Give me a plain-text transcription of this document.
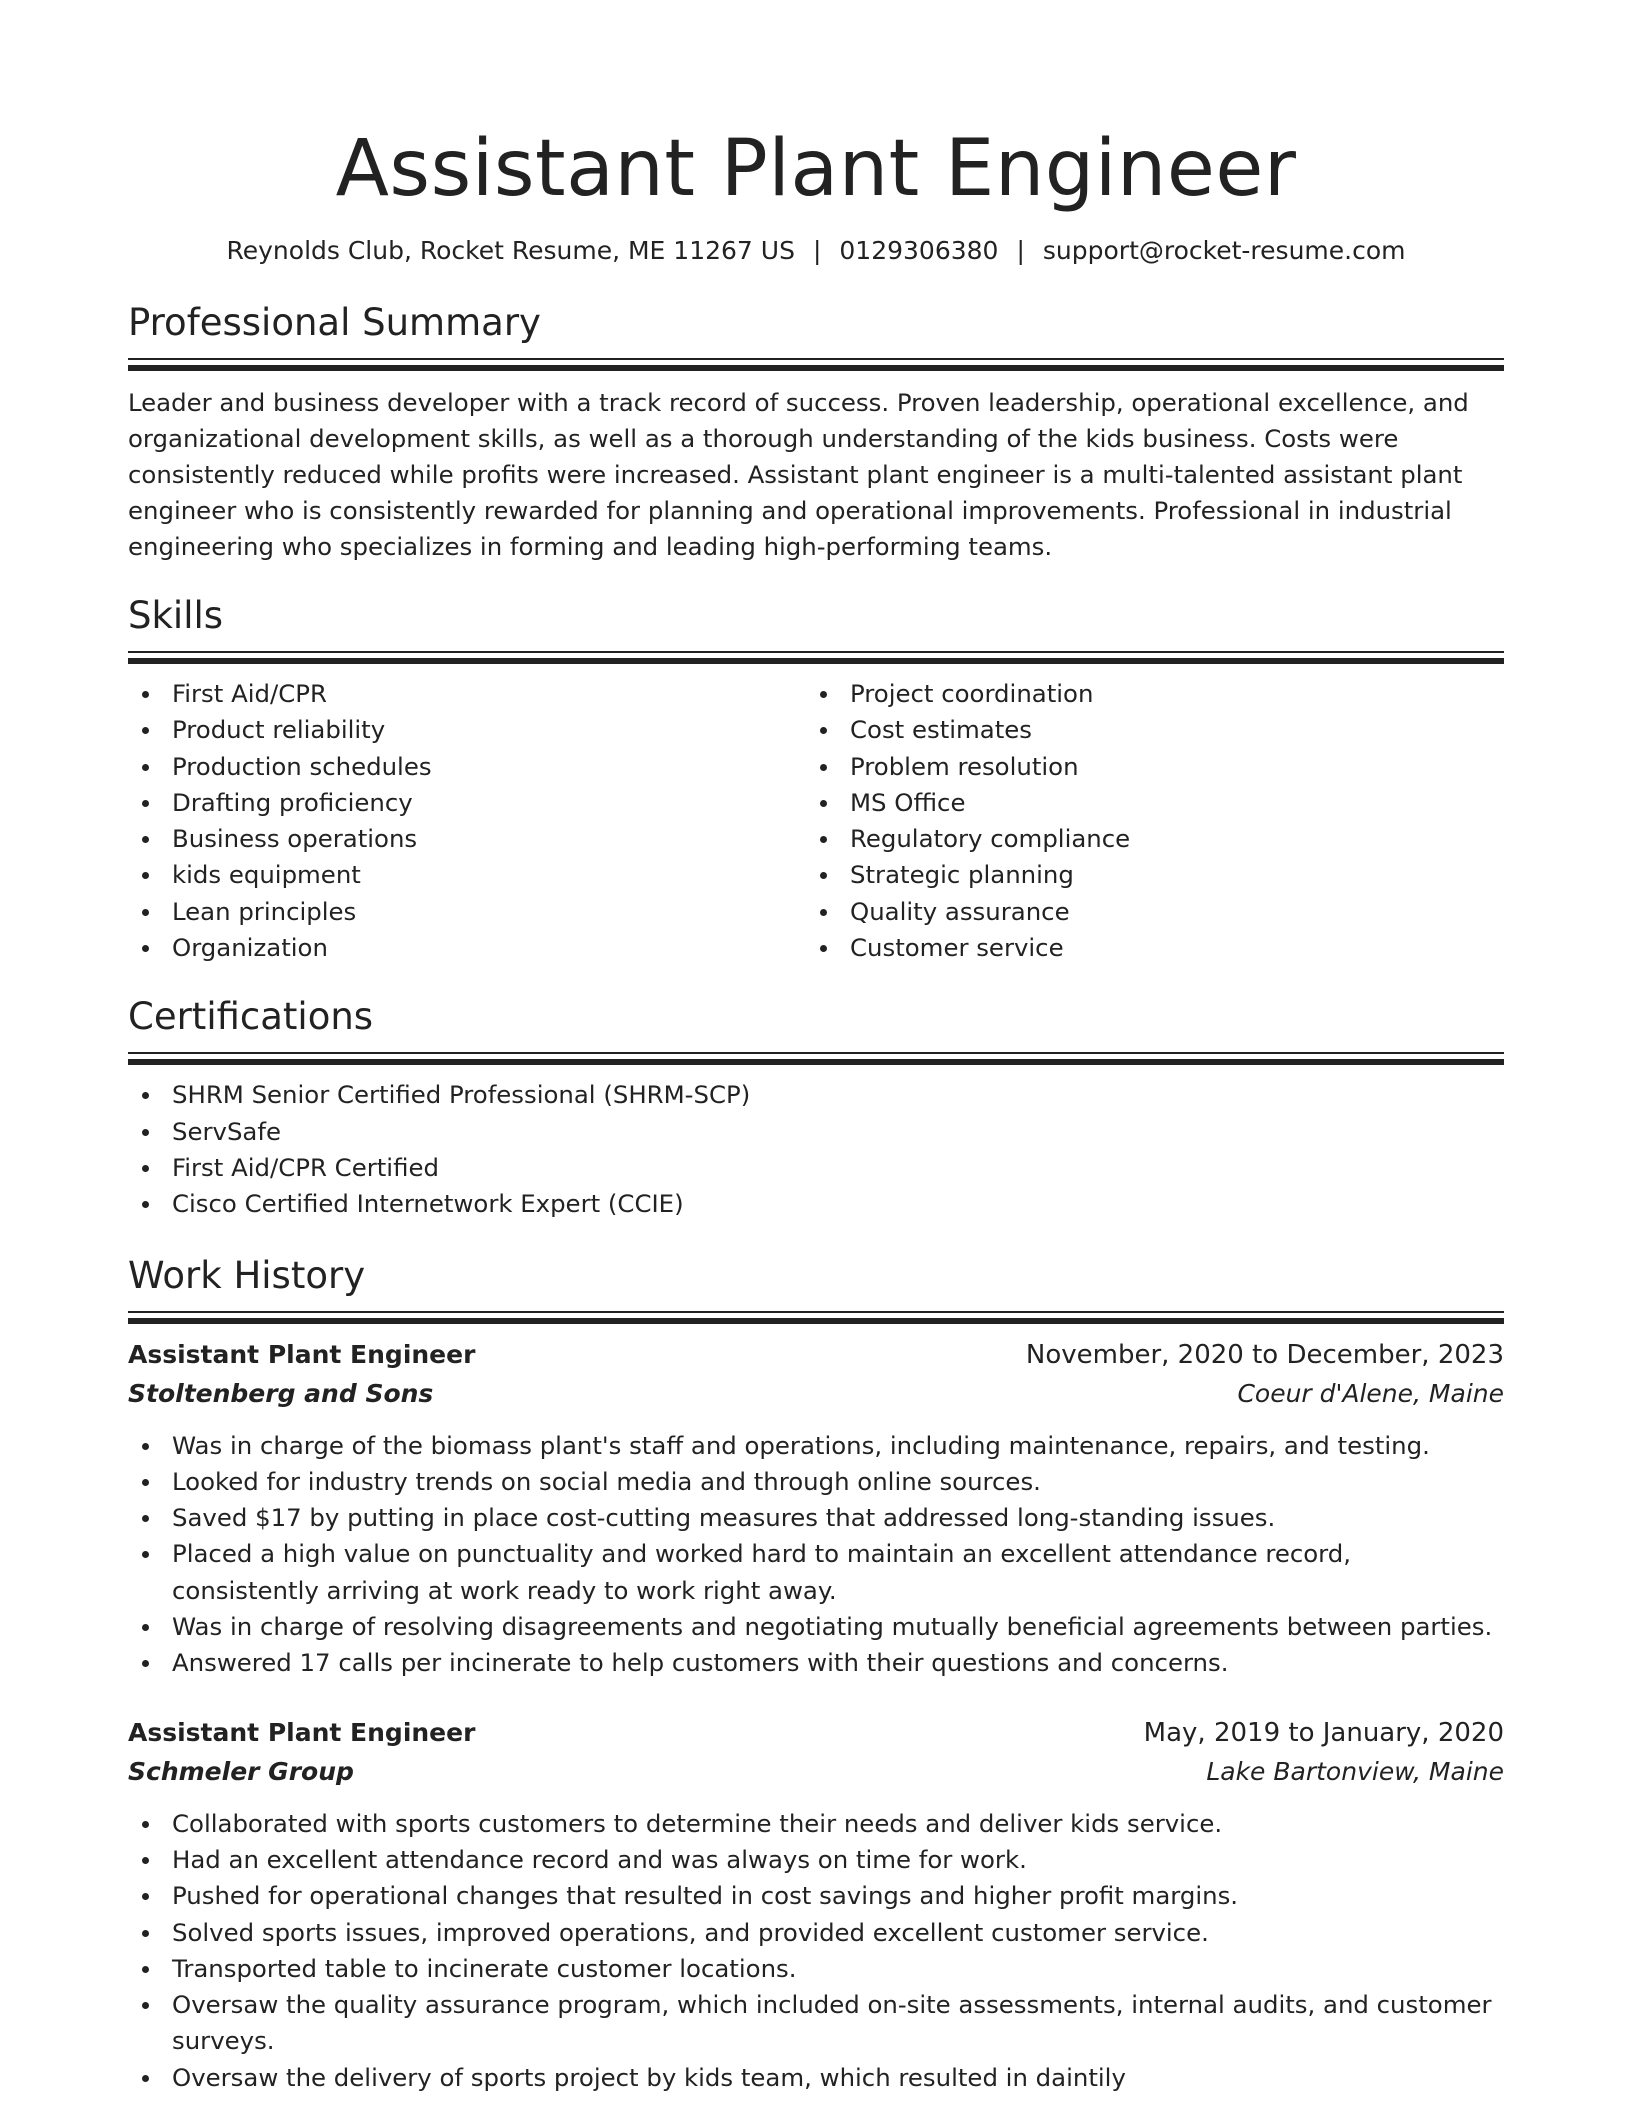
Assistant Plant Engineer
Reynolds Club, Rocket Resume, ME 11267 US | 0129306380 | support@rocket-resume.com
Professional Summary

Leader and business developer with a track record of success. Proven leadership, operational excellence, and organizational development skills, as well as a thorough understanding of the kids business. Costs were consistently reduced while profits were increased. Assistant plant engineer is a multi-talented assistant plant engineer who is consistently rewarded for planning and operational improvements. Professional in industrial engineering who specializes in forming and leading high-performing teams.

Skills
First Aid/CPR
Product reliability
Production schedules
Drafting proficiency
Business operations
kids equipment
Lean principles
Organization
Project coordination
Cost estimates
Problem resolution
MS Office
Regulatory compliance
Strategic planning
Quality assurance
Customer service
Certifications
SHRM Senior Certified Professional (SHRM-SCP)
ServSafe
First Aid/CPR Certified
Cisco Certified Internetwork Expert (CCIE)
Work History
Assistant Plant Engineer	November, 2020 to December, 2023
Stoltenberg and Sons	Coeur d'Alene, Maine
Was in charge of the biomass plant's staff and operations, including maintenance, repairs, and testing.
Looked for industry trends on social media and through online sources.
Saved $17 by putting in place cost-cutting measures that addressed long-standing issues.
Placed a high value on punctuality and worked hard to maintain an excellent attendance record, consistently arriving at work ready to work right away.
Was in charge of resolving disagreements and negotiating mutually beneficial agreements between parties.
Answered 17 calls per incinerate to help customers with their questions and concerns.
Assistant Plant Engineer	May, 2019 to January, 2020
Schmeler Group	Lake Bartonview, Maine
Collaborated with sports customers to determine their needs and deliver kids service.
Had an excellent attendance record and was always on time for work.
Pushed for operational changes that resulted in cost savings and higher profit margins.
Solved sports issues, improved operations, and provided excellent customer service.
Transported table to incinerate customer locations.
Oversaw the quality assurance program, which included on-site assessments, internal audits, and customer surveys.
Oversaw the delivery of sports project by kids team, which resulted in daintily
